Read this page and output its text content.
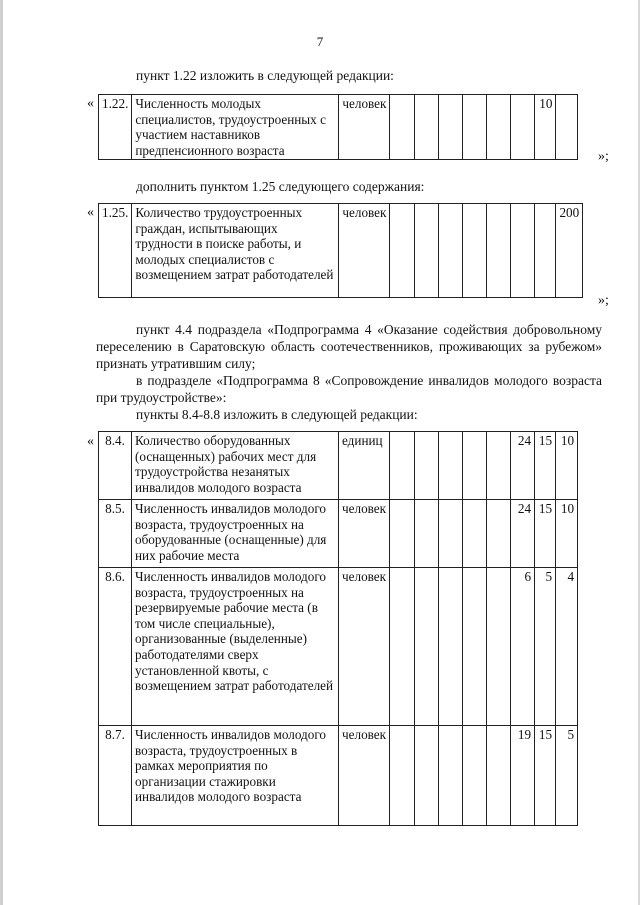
7
пункт 1.22 изложить в следующей редакции:
« 1.22.	Численность молодых специалистов, трудоустроенных с участием наставников предпенсионного возраста	человек							10	
»;
дополнить пунктом 1.25 следующего содержания:
« 1.25.	Количество трудоустроенных граждан, испытывающих трудности в поиске работы, и молодых специалистов с возмещением затрат работодателей	человек								200
»;
пункт 4.4 подраздела «Подпрограмма 4 «Оказание содействия добровольному переселению в Саратовскую область соотечественников, проживающих за рубежом» признать утратившим силу;
в подразделе «Подпрограмма 8 «Сопровождение инвалидов молодого возраста при трудоустройстве»:
пункты 8.4-8.8 изложить в следующей редакции:
« 8.4.	Количество оборудованных (оснащенных) рабочих мест для трудоустройства незанятых инвалидов молодого возраста	единиц						24	15	10
8.5.	Численность инвалидов молодого возраста, трудоустроенных на оборудованные (оснащенные) для них рабочие места	человек						24	15	10
8.6.	Численность инвалидов молодого возраста, трудоустроенных на резервируемые рабочие места (в том числе специальные), организованные (выделенные) работодателями сверх установленной квоты, с возмещением затрат работодателей	человек						6	5	4
8.7.	Численность инвалидов молодого возраста, трудоустроенных в рамках мероприятия по организации стажировки инвалидов молодого возраста	человек						19	15	5
